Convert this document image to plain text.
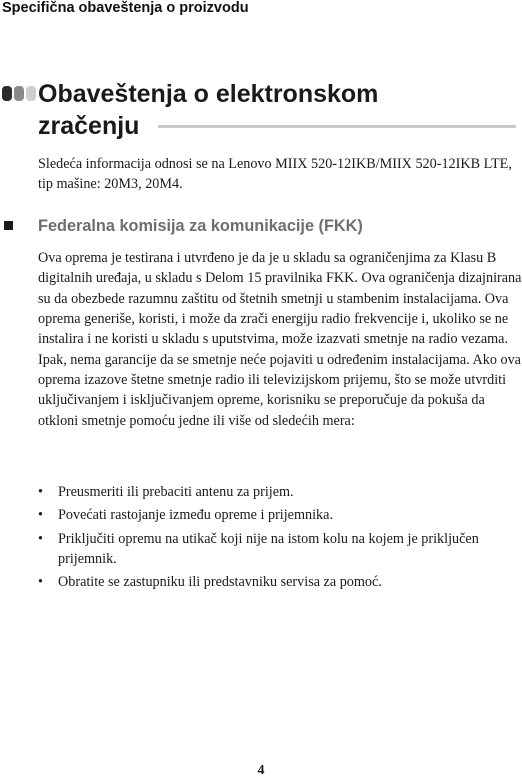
Specifična obaveštenja o proizvodu
Obaveštenja o elektronskom
zračenju

Sledeća informacija odnosi se na Lenovo MIIX 520-12IKB/MIIX 520-12IKB LTE, tip mašine: 20M3, 20M4.

Federalna komisija za komunikacije (FKK)

Ova oprema je testirana i utvrđeno je da je u skladu sa ograničenjima za Klasu B digitalnih uređaja, u skladu s Delom 15 pravilnika FKK. Ova ograničenja dizajnirana su da obezbede razumnu zaštitu od štetnih smetnji u stambenim instalacijama. Ova oprema generiše, koristi, i može da zrači energiju radio frekvencije i, ukoliko se ne instalira i ne koristi u skladu s uputstvima, može izazvati smetnje na radio vezama. Ipak, nema garancije da se smetnje neće pojaviti u određenim instalacijama. Ako ova oprema izazove štetne smetnje radio ili televizijskom prijemu, što se može utvrditi uključivanjem i isključivanjem opreme, korisniku se preporučuje da pokuša da otkloni smetnje pomoću jedne ili više od sledećih mera:

• Preusmeriti ili prebaciti antenu za prijem.
• Povećati rastojanje između opreme i prijemnika.
• Priključiti opremu na utikač koji nije na istom kolu na kojem je priključen prijemnik.
• Obratite se zastupniku ili predstavniku servisa za pomoć.
4
